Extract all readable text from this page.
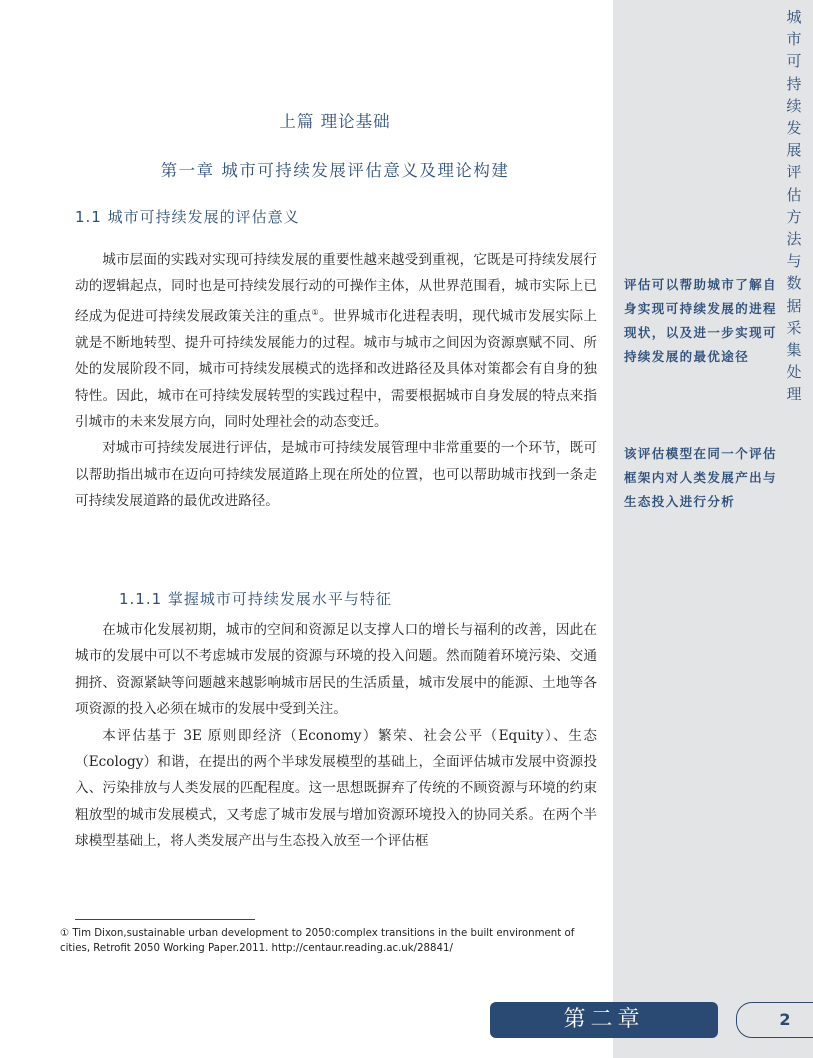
城市可持续发展评估方法与数据采集处理
评估可以帮助城市了解自身实现可持续发展的进程现状，以及进一步实现可持续发展的最优途径
该评估模型在同一个评估框架内对人类发展产出与生态投入进行分析
上篇 理论基础
第一章 城市可持续发展评估意义及理论构建
1.1 城市可持续发展的评估意义

城市层面的实践对实现可持续发展的重要性越来越受到重视，它既是可持续发展行动的逻辑起点，同时也是可持续发展行动的可操作主体，从世界范围看，城市实际上已经成为促进可持续发展政策关注的重点①。世界城市化进程表明，现代城市发展实际上就是不断地转型、提升可持续发展能力的过程。城市与城市之间因为资源禀赋不同、所处的发展阶段不同，城市可持续发展模式的选择和改进路径及具体对策都会有自身的独特性。因此，城市在可持续发展转型的实践过程中，需要根据城市自身发展的特点来指引城市的未来发展方向，同时处理社会的动态变迁。

对城市可持续发展进行评估，是城市可持续发展管理中非常重要的一个环节，既可以帮助指出城市在迈向可持续发展道路上现在所处的位置，也可以帮助城市找到一条走可持续发展道路的最优改进路径。

1.1.1 掌握城市可持续发展水平与特征

在城市化发展初期，城市的空间和资源足以支撑人口的增长与福利的改善，因此在城市的发展中可以不考虑城市发展的资源与环境的投入问题。然而随着环境污染、交通拥挤、资源紧缺等问题越来越影响城市居民的生活质量，城市发展中的能源、土地等各项资源的投入必须在城市的发展中受到关注。

本评估基于 3E 原则即经济（Economy）繁荣、社会公平（Equity）、生态（Ecology）和谐，在提出的两个半球发展模型的基础上，全面评估城市发展中资源投入、污染排放与人类发展的匹配程度。这一思想既摒弃了传统的不顾资源与环境的约束粗放型的城市发展模式，又考虑了城市发展与增加资源环境投入的协同关系。在两个半球模型基础上，将人类发展产出与生态投入放至一个评估框

① Tim Dixon,sustainable urban development to 2050:complex transitions in the built environment of
cities, Retrofit 2050 Working Paper.2011. http://centaur.reading.ac.uk/28841/
第二章	2
